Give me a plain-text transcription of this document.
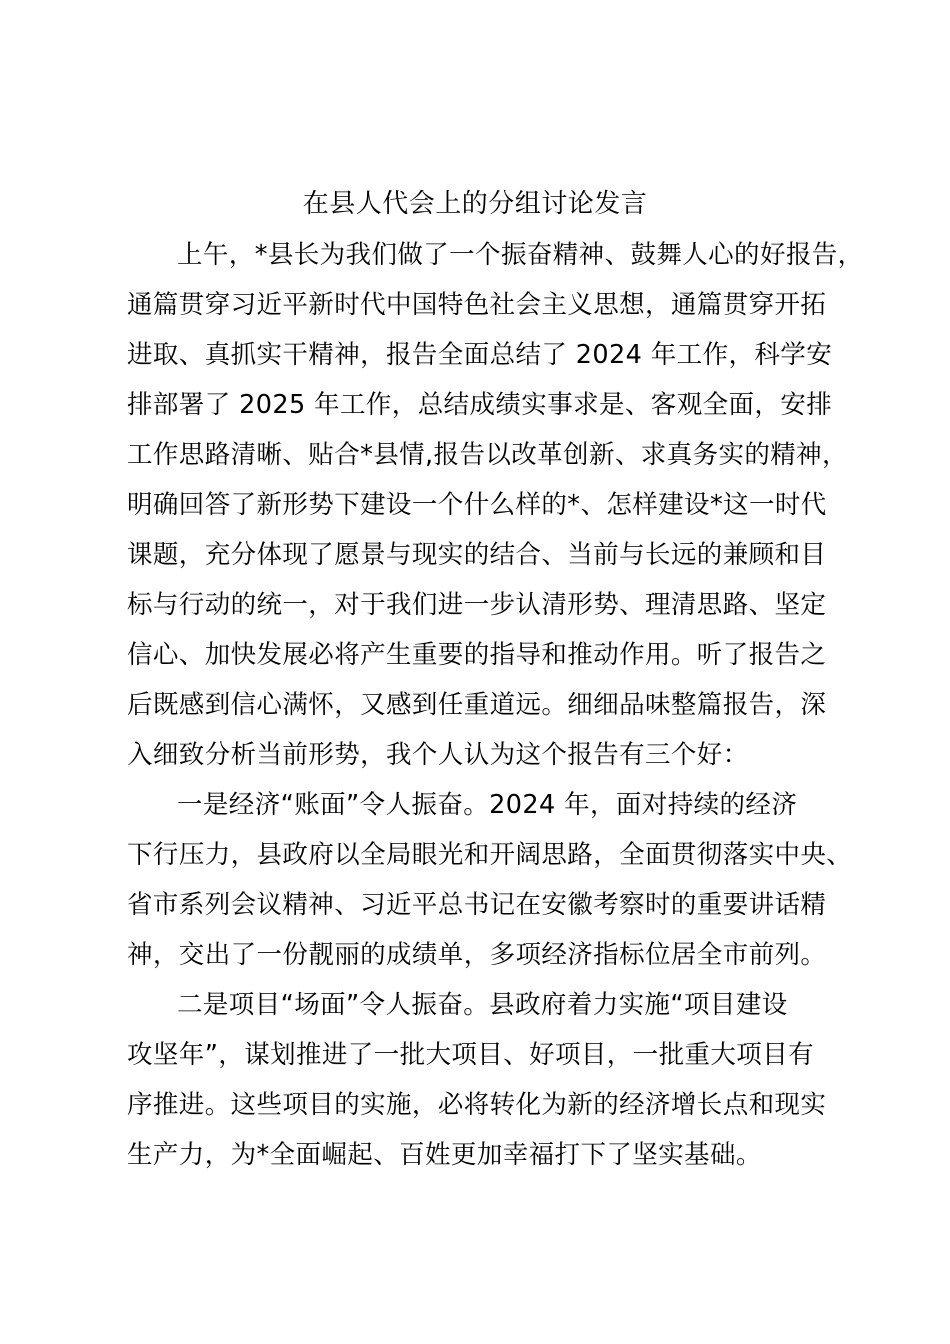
在县人代会上的分组讨论发言
上午，*县长为我们做了一个振奋精神、鼓舞人心的好报告，
通篇贯穿习近平新时代中国特色社会主义思想，通篇贯穿开拓
进取、真抓实干精神，报告全面总结了 2024 年工作，科学安
排部署了 2025 年工作，总结成绩实事求是、客观全面，安排
工作思路清晰、贴合*县情,报告以改革创新、求真务实的精神，
明确回答了新形势下建设一个什么样的*、怎样建设*这一时代
课题，充分体现了愿景与现实的结合、当前与长远的兼顾和目
标与行动的统一，对于我们进一步认清形势、理清思路、坚定
信心、加快发展必将产生重要的指导和推动作用。听了报告之
后既感到信心满怀，又感到任重道远。细细品味整篇报告，深
入细致分析当前形势，我个人认为这个报告有三个好：
一是经济“账面”令人振奋。2024 年，面对持续的经济
下行压力，县政府以全局眼光和开阔思路，全面贯彻落实中央、
省市系列会议精神、习近平总书记在安徽考察时的重要讲话精
神，交出了一份靓丽的成绩单，多项经济指标位居全市前列。
二是项目“场面”令人振奋。县政府着力实施“项目建设
攻坚年”，谋划推进了一批大项目、好项目，一批重大项目有
序推进。这些项目的实施，必将转化为新的经济增长点和现实
生产力，为*全面崛起、百姓更加幸福打下了坚实基础。
